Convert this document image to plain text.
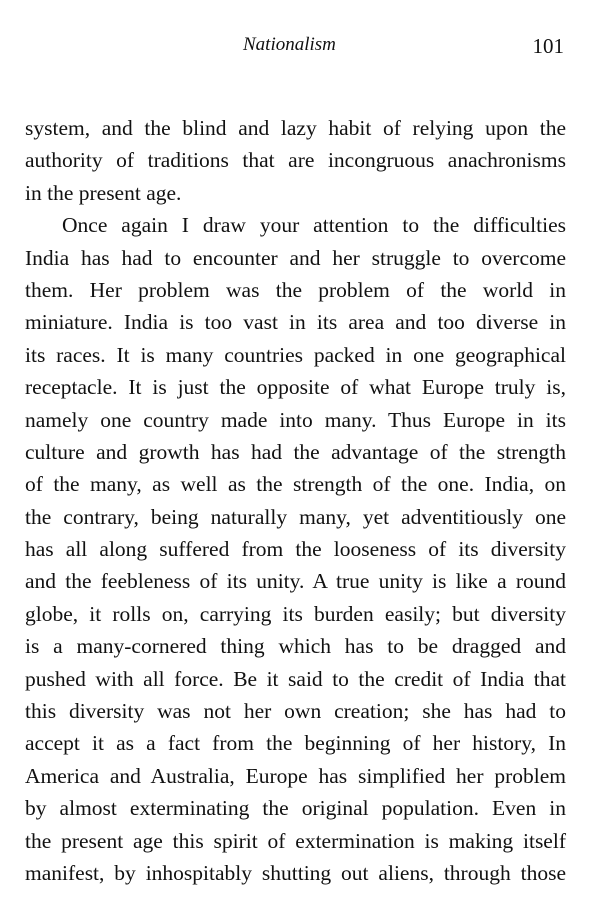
Nationalism	101
system, and the blind and lazy habit of relying upon the
authority of traditions that are incongruous anachronisms
in the present age.
Once again I draw your attention to the difficulties
India has had to encounter and her struggle to overcome
them. Her problem was the problem of the world in
miniature. India is too vast in its area and too diverse in
its races. It is many countries packed in one geographical
receptacle. It is just the opposite of what Europe truly is,
namely one country made into many. Thus Europe in its
culture and growth has had the advantage of the strength
of the many, as well as the strength of the one. India, on
the contrary, being naturally many, yet adventitiously one
has all along suffered from the looseness of its diversity
and the feebleness of its unity. A true unity is like a round
globe, it rolls on, carrying its burden easily; but diversity
is a many-cornered thing which has to be dragged and
pushed with all force. Be it said to the credit of India that
this diversity was not her own creation; she has had to
accept it as a fact from the beginning of her history, In
America and Australia, Europe has simplified her problem
by almost exterminating the original population. Even in
the present age this spirit of extermination is making itself
manifest, by inhospitably shutting out aliens, through those
